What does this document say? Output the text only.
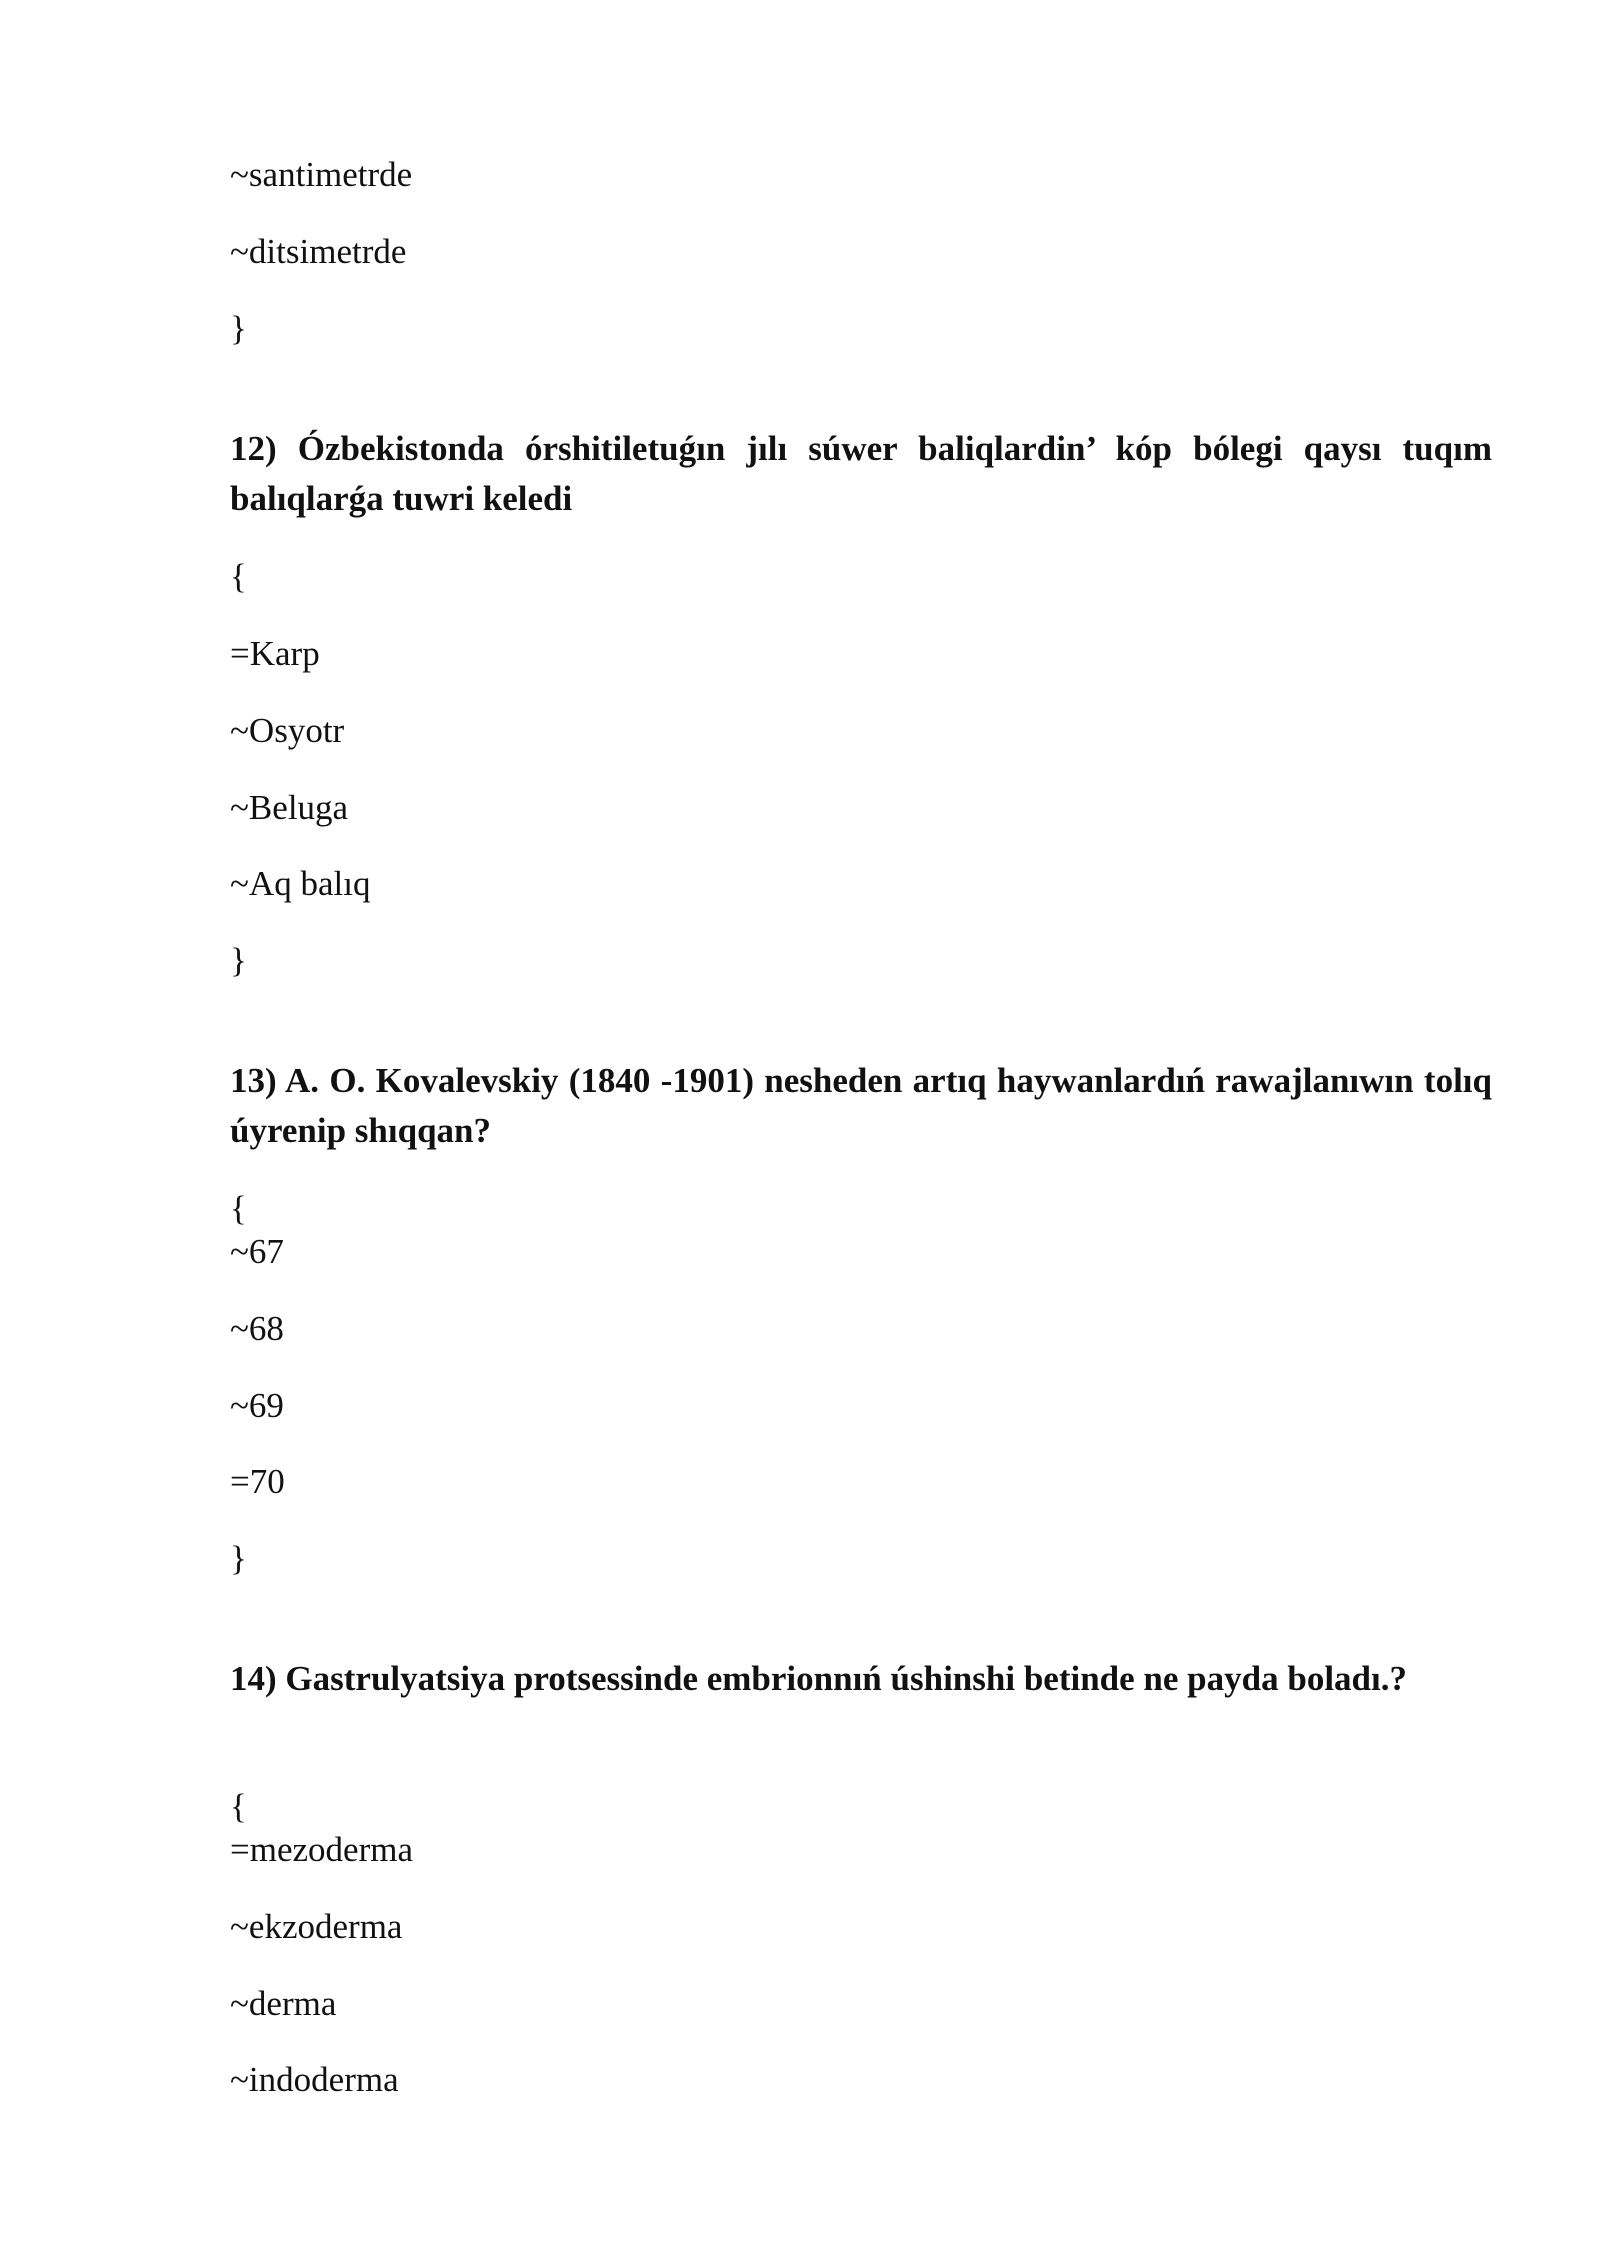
~santimetrde
~ditsimetrde
}
12) Ózbekistonda órshitiletuǵın jılı súwer baliqlardin’ kóp bólegi qaysı tuqım balıqlarǵa tuwri keledi
{
=Karp
~Osyotr
~Beluga
~Aq balıq
}
13) A. O. Kovalevskiy (1840 -1901) nesheden artıq haywanlardıń rawajlanıwın tolıq úyrenip shıqqan?
{
~67
~68
~69
=70
}
14) Gastrulyatsiya protsessinde embrionnıń úshinshi betinde ne payda boladı.?
{
=mezoderma
~ekzoderma
~derma
~indoderma
